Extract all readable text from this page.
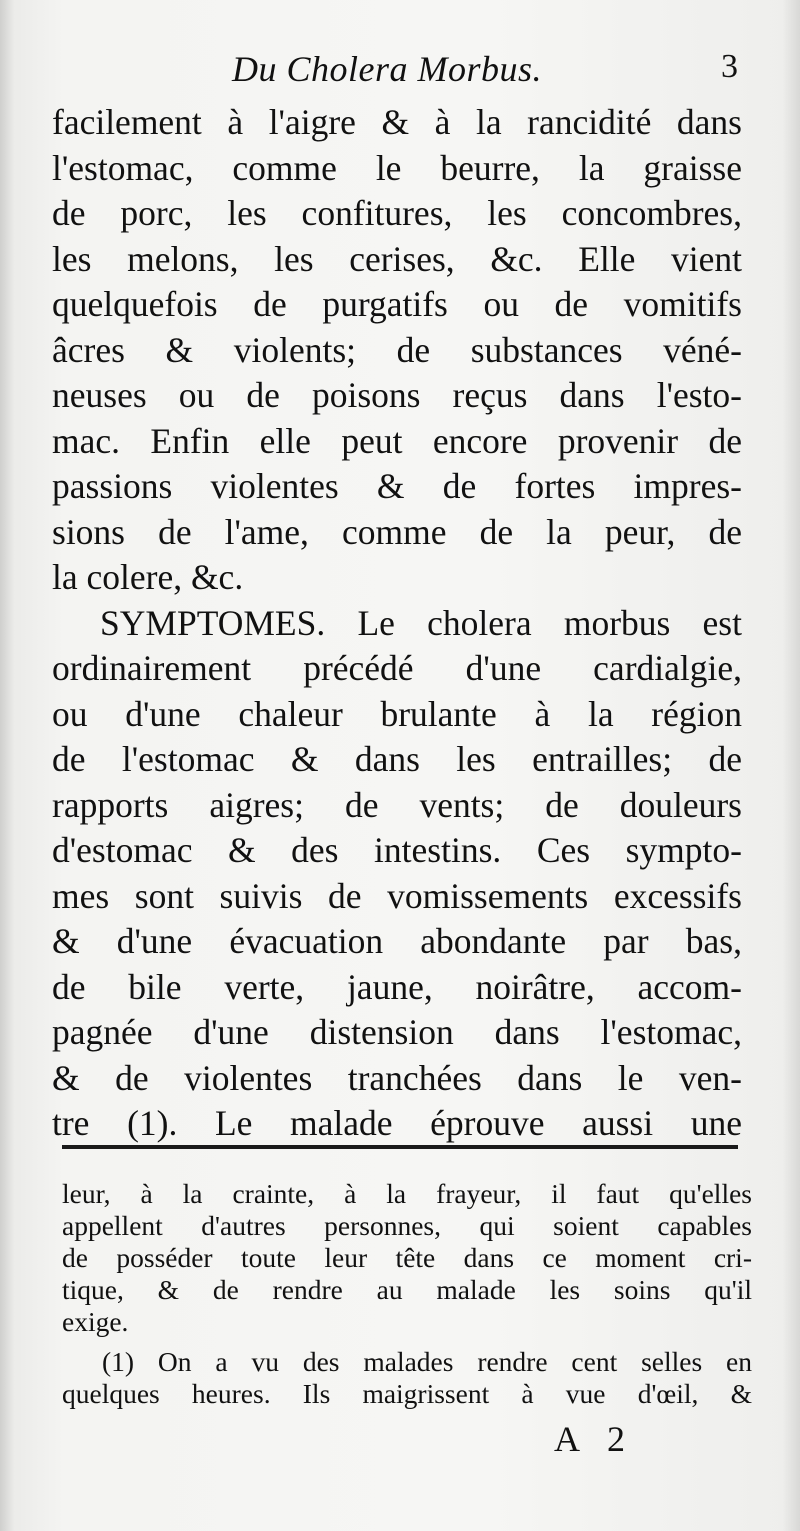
Du Cholera Morbus.	3
facilement à l'aigre & à la rancidité dans
l'estomac, comme le beurre, la graisse
de porc, les confitures, les concombres,
les melons, les cerises, &c. Elle vient
quelquefois de purgatifs ou de vomitifs
âcres & violents; de substances véné-
neuses ou de poisons reçus dans l'esto-
mac. Enfin elle peut encore provenir de
passions violentes & de fortes impres-
sions de l'ame, comme de la peur, de
la colere, &c.
SYMPTOMES. Le cholera morbus est
ordinairement précédé d'une cardialgie,
ou d'une chaleur brulante à la région
de l'estomac & dans les entrailles; de
rapports aigres; de vents; de douleurs
d'estomac & des intestins. Ces sympto-
mes sont suivis de vomissements excessifs
& d'une évacuation abondante par bas,
de bile verte, jaune, noirâtre, accom-
pagnée d'une distension dans l'estomac,
& de violentes tranchées dans le ven-
tre (1). Le malade éprouve aussi une
leur, à la crainte, à la frayeur, il faut qu'elles
appellent d'autres personnes, qui soient capables
de posséder toute leur tête dans ce moment cri-
tique, & de rendre au malade les soins qu'il
exige.
(1) On a vu des malades rendre cent selles en
quelques heures. Ils maigrissent à vue d'œil, &
A 2
